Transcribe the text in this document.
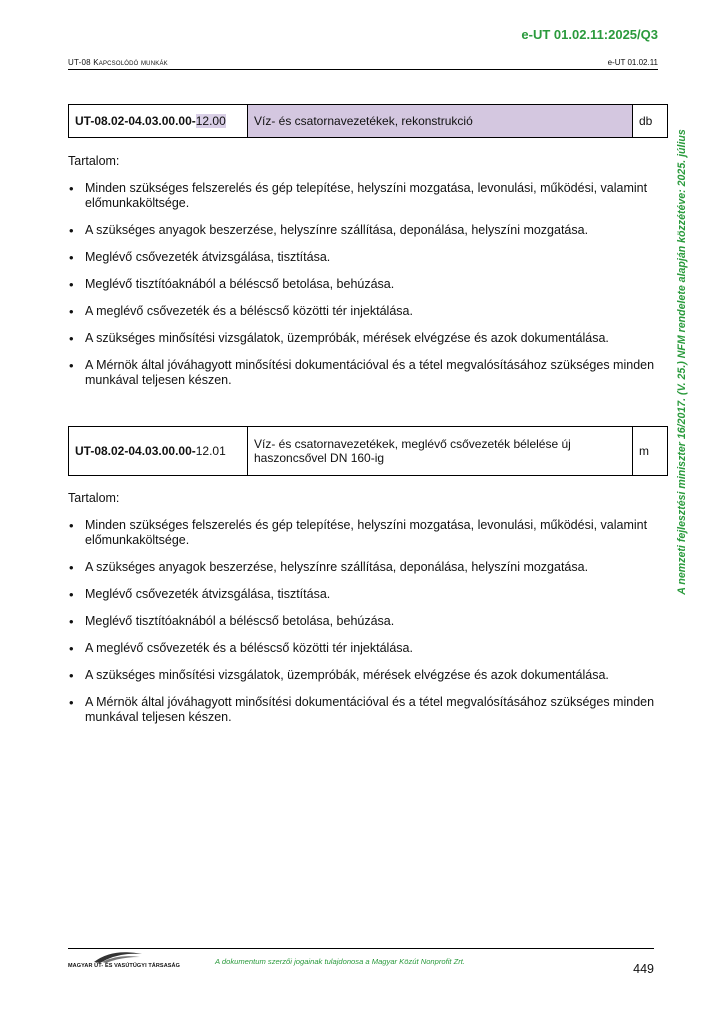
e-UT 01.02.11:2025/Q3
UT-08 Kapcsolódó munkák	e-UT 01.02.11
A nemzeti fejlesztési miniszter 16/2017. (V. 25.) NFM rendelete alapján közzétéve: 2025. július
UT-08.02-04.03.00.00-12.00	Víz- és csatornavezetékek, rekonstrukció	db
Tartalom:
• Minden szükséges felszerelés és gép telepítése, helyszíni mozgatása, levonulási, működési, valamint előmunkaköltsége.
• A szükséges anyagok beszerzése, helyszínre szállítása, deponálása, helyszíni mozgatása.
• Meglévő csővezeték átvizsgálása, tisztítása.
• Meglévő tisztítóaknából a béléscső betolása, behúzása.
• A meglévő csővezeték és a béléscső közötti tér injektálása.
• A szükséges minősítési vizsgálatok, üzempróbák, mérések elvégzése és azok dokumentálása.
• A Mérnök által jóváhagyott minősítési dokumentációval és a tétel megvalósításához szükséges minden munkával teljesen készen.
UT-08.02-04.03.00.00-12.01	Víz- és csatornavezetékek, meglévő csővezeték bélelése új haszoncsővel DN 160-ig	m
Tartalom:
• Minden szükséges felszerelés és gép telepítése, helyszíni mozgatása, levonulási, működési, valamint előmunkaköltsége.
• A szükséges anyagok beszerzése, helyszínre szállítása, deponálása, helyszíni mozgatása.
• Meglévő csővezeték átvizsgálása, tisztítása.
• Meglévő tisztítóaknából a béléscső betolása, behúzása.
• A meglévő csővezeték és a béléscső közötti tér injektálása.
• A szükséges minősítési vizsgálatok, üzempróbák, mérések elvégzése és azok dokumentálása.
• A Mérnök által jóváhagyott minősítési dokumentációval és a tétel megvalósításához szükséges minden munkával teljesen készen.
MAGYAR ÚT- ÉS VASÚTÜGYI TÁRSASÁG	A dokumentum szerzői jogainak tulajdonosa a Magyar Közút Nonprofit Zrt.
449
